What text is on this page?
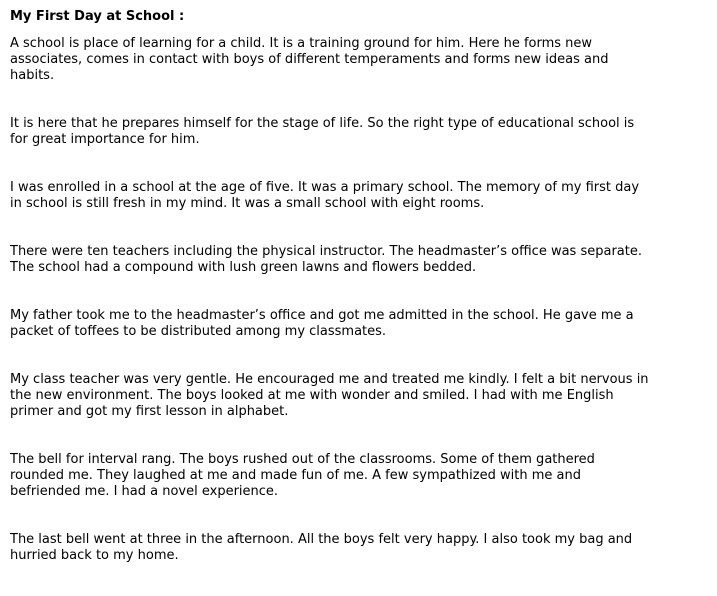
My First Day at School :

A school is place of learning for a child. It is a training ground for him. Here he forms new associates, comes in contact with boys of different temperaments and forms new ideas and habits.

It is here that he prepares himself for the stage of life. So the right type of educational school is for great importance for him.

I was enrolled in a school at the age of five. It was a primary school. The memory of my first day in school is still fresh in my mind. It was a small school with eight rooms.

There were ten teachers including the physical instructor. The headmaster’s office was separate. The school had a compound with lush green lawns and flowers bedded.

My father took me to the headmaster’s office and got me admitted in the school. He gave me a packet of toffees to be distributed among my classmates.

My class teacher was very gentle. He encouraged me and treated me kindly. I felt a bit nervous in the new environment. The boys looked at me with wonder and smiled. I had with me English primer and got my first lesson in alphabet.

The bell for interval rang. The boys rushed out of the classrooms. Some of them gathered rounded me. They laughed at me and made fun of me. A few sympathized with me and befriended me. I had a novel experience.

The last bell went at three in the afternoon. All the boys felt very happy. I also took my bag and hurried back to my home.
